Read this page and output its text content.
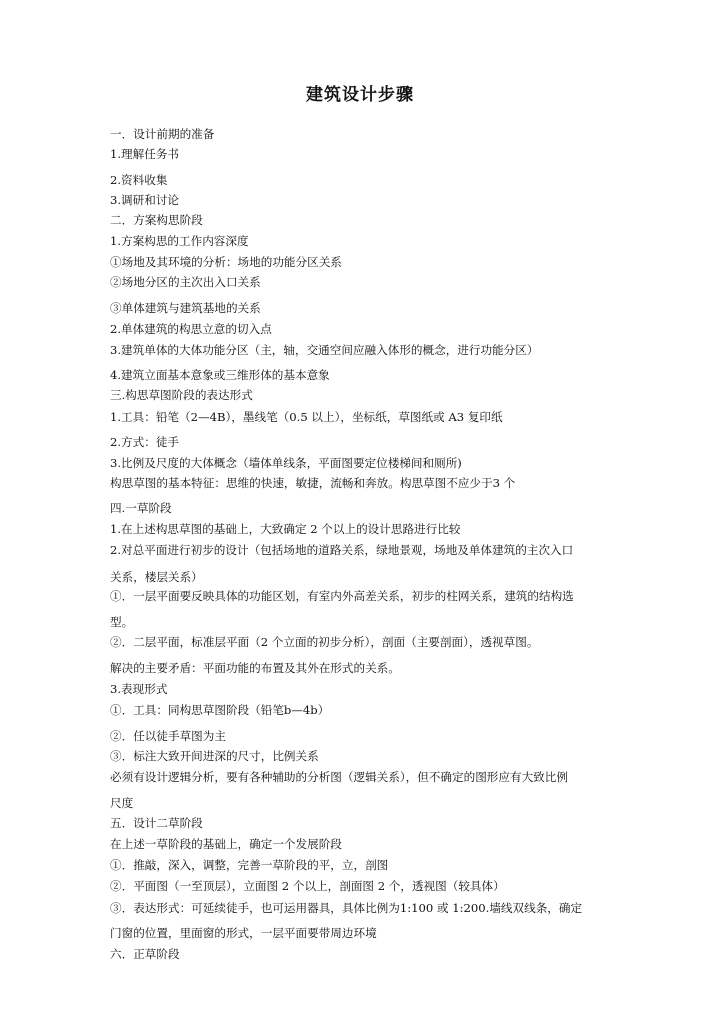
建筑设计步骤
一．设计前期的准备
1.理解任务书
2.资料收集
3.调研和讨论
二．方案构思阶段
1.方案构思的工作内容深度
①场地及其环境的分析：场地的功能分区关系
②场地分区的主次出入口关系
③单体建筑与建筑基地的关系
2.单体建筑的构思立意的切入点
3.建筑单体的大体功能分区（主，轴，交通空间应融入体形的概念，进行功能分区）
4.建筑立面基本意象或三维形体的基本意象
三.构思草图阶段的表达形式
1.工具：铅笔（2—4B），墨线笔（0.5 以上），坐标纸，草图纸或 A3 复印纸
2.方式：徒手
3.比例及尺度的大体概念（墙体单线条，平面图要定位楼梯间和厕所)
构思草图的基本特征：思维的快速，敏捷，流畅和奔放。构思草图不应少于3 个
四.一草阶段
1.在上述构思草图的基础上，大致确定 2 个以上的设计思路进行比较
2.对总平面进行初步的设计（包括场地的道路关系，绿地景观，场地及单体建筑的主次入口
关系，楼层关系）
①．一层平面要反映具体的功能区划，有室内外高差关系，初步的柱网关系，建筑的结构选
型。
②．二层平面，标准层平面（2 个立面的初步分析），剖面（主要剖面），透视草图。
解决的主要矛盾：平面功能的布置及其外在形式的关系。
3.表现形式
①．工具：同构思草图阶段（铅笔b—4b）
②．任以徒手草图为主
③．标注大致开间进深的尺寸，比例关系
必须有设计逻辑分析，要有各种辅助的分析图（逻辑关系），但不确定的图形应有大致比例
尺度
五．设计二草阶段
在上述一草阶段的基础上，确定一个发展阶段
①．推敲，深入，调整，完善一草阶段的平，立，剖图
②．平面图（一至顶层），立面图 2 个以上，剖面图 2 个，透视图（较具体）
③．表达形式：可延续徒手，也可运用器具，具体比例为1:100 或 1:200.墙线双线条，确定
门窗的位置，里面窗的形式，一层平面要带周边环境
六．正草阶段
